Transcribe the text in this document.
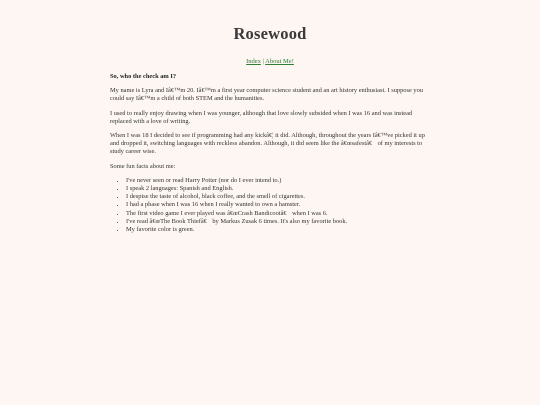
Rosewood
Index | About Me!
So, who the check am I?

My name is Lyra and Iâ€™m 20. Iâ€™m a first year computer science student and an art history enthusiast. I suppose you could say Iâ€™m a child of both STEM and the humanities.

I used to really enjoy drawing when I was younger, although that love slowly subsided when I was 16 and was instead replaced with a love of writing.

When I was 18 I decided to see if programming had any kickâ€¦ it did. Although, throughout the years Iâ€™ve picked it up and dropped it, switching languages with reckless abandon. Although, it did seem like the â€œsafestâ€ of my interests to study career wise.

Some fun facts about me:

• I've never seen or read Harry Potter (nor do I ever intend to.)
• I speak 2 languages: Spanish and English.
• I despise the taste of alcohol, black coffee, and the smell of cigarettes.
• I had a phase when I was 16 when I really wanted to own a hamster.
• The first video game I ever played was â€œCrash Bandicootâ€ when I was 6.
• I've read â€œThe Book Thiefâ€ by Markus Zusak 6 times. It's also my favorite book.
• My favorite color is green.
